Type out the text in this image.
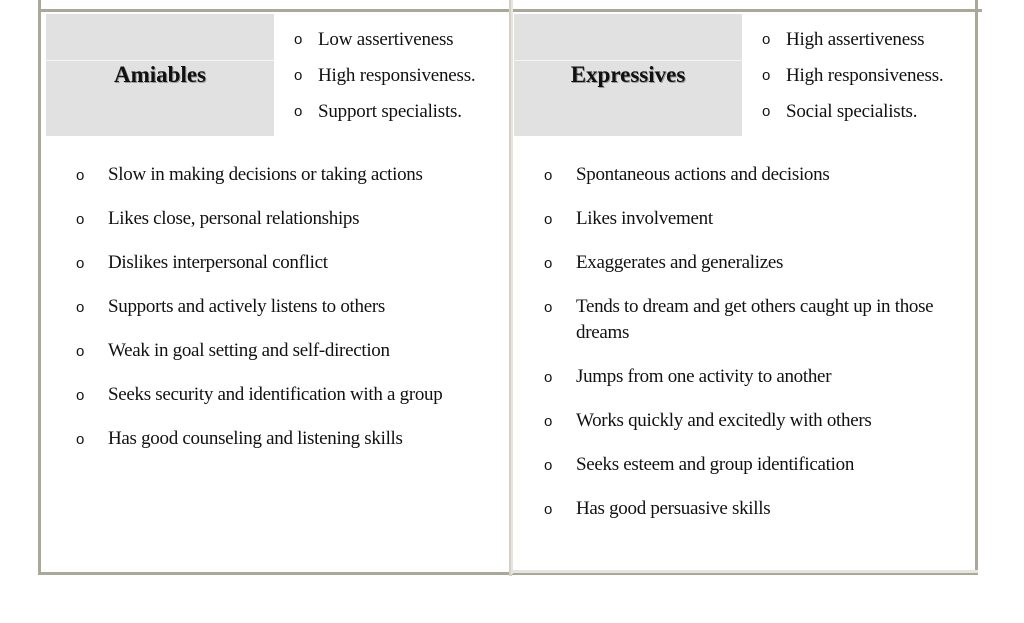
Amiables
o Low assertiveness
o High responsiveness.
o Support specialists.
o Slow in making decisions or taking actions
o Likes close, personal relationships
o Dislikes interpersonal conflict
o Supports and actively listens to others
o Weak in goal setting and self-direction
o Seeks security and identification with a group
o Has good counseling and listening skills
Expressives
o High assertiveness
o High responsiveness.
o Social specialists.
o Spontaneous actions and decisions
o Likes involvement
o Exaggerates and generalizes
o Tends to dream and get others caught up in those dreams
o Jumps from one activity to another
o Works quickly and excitedly with others
o Seeks esteem and group identification
o Has good persuasive skills
